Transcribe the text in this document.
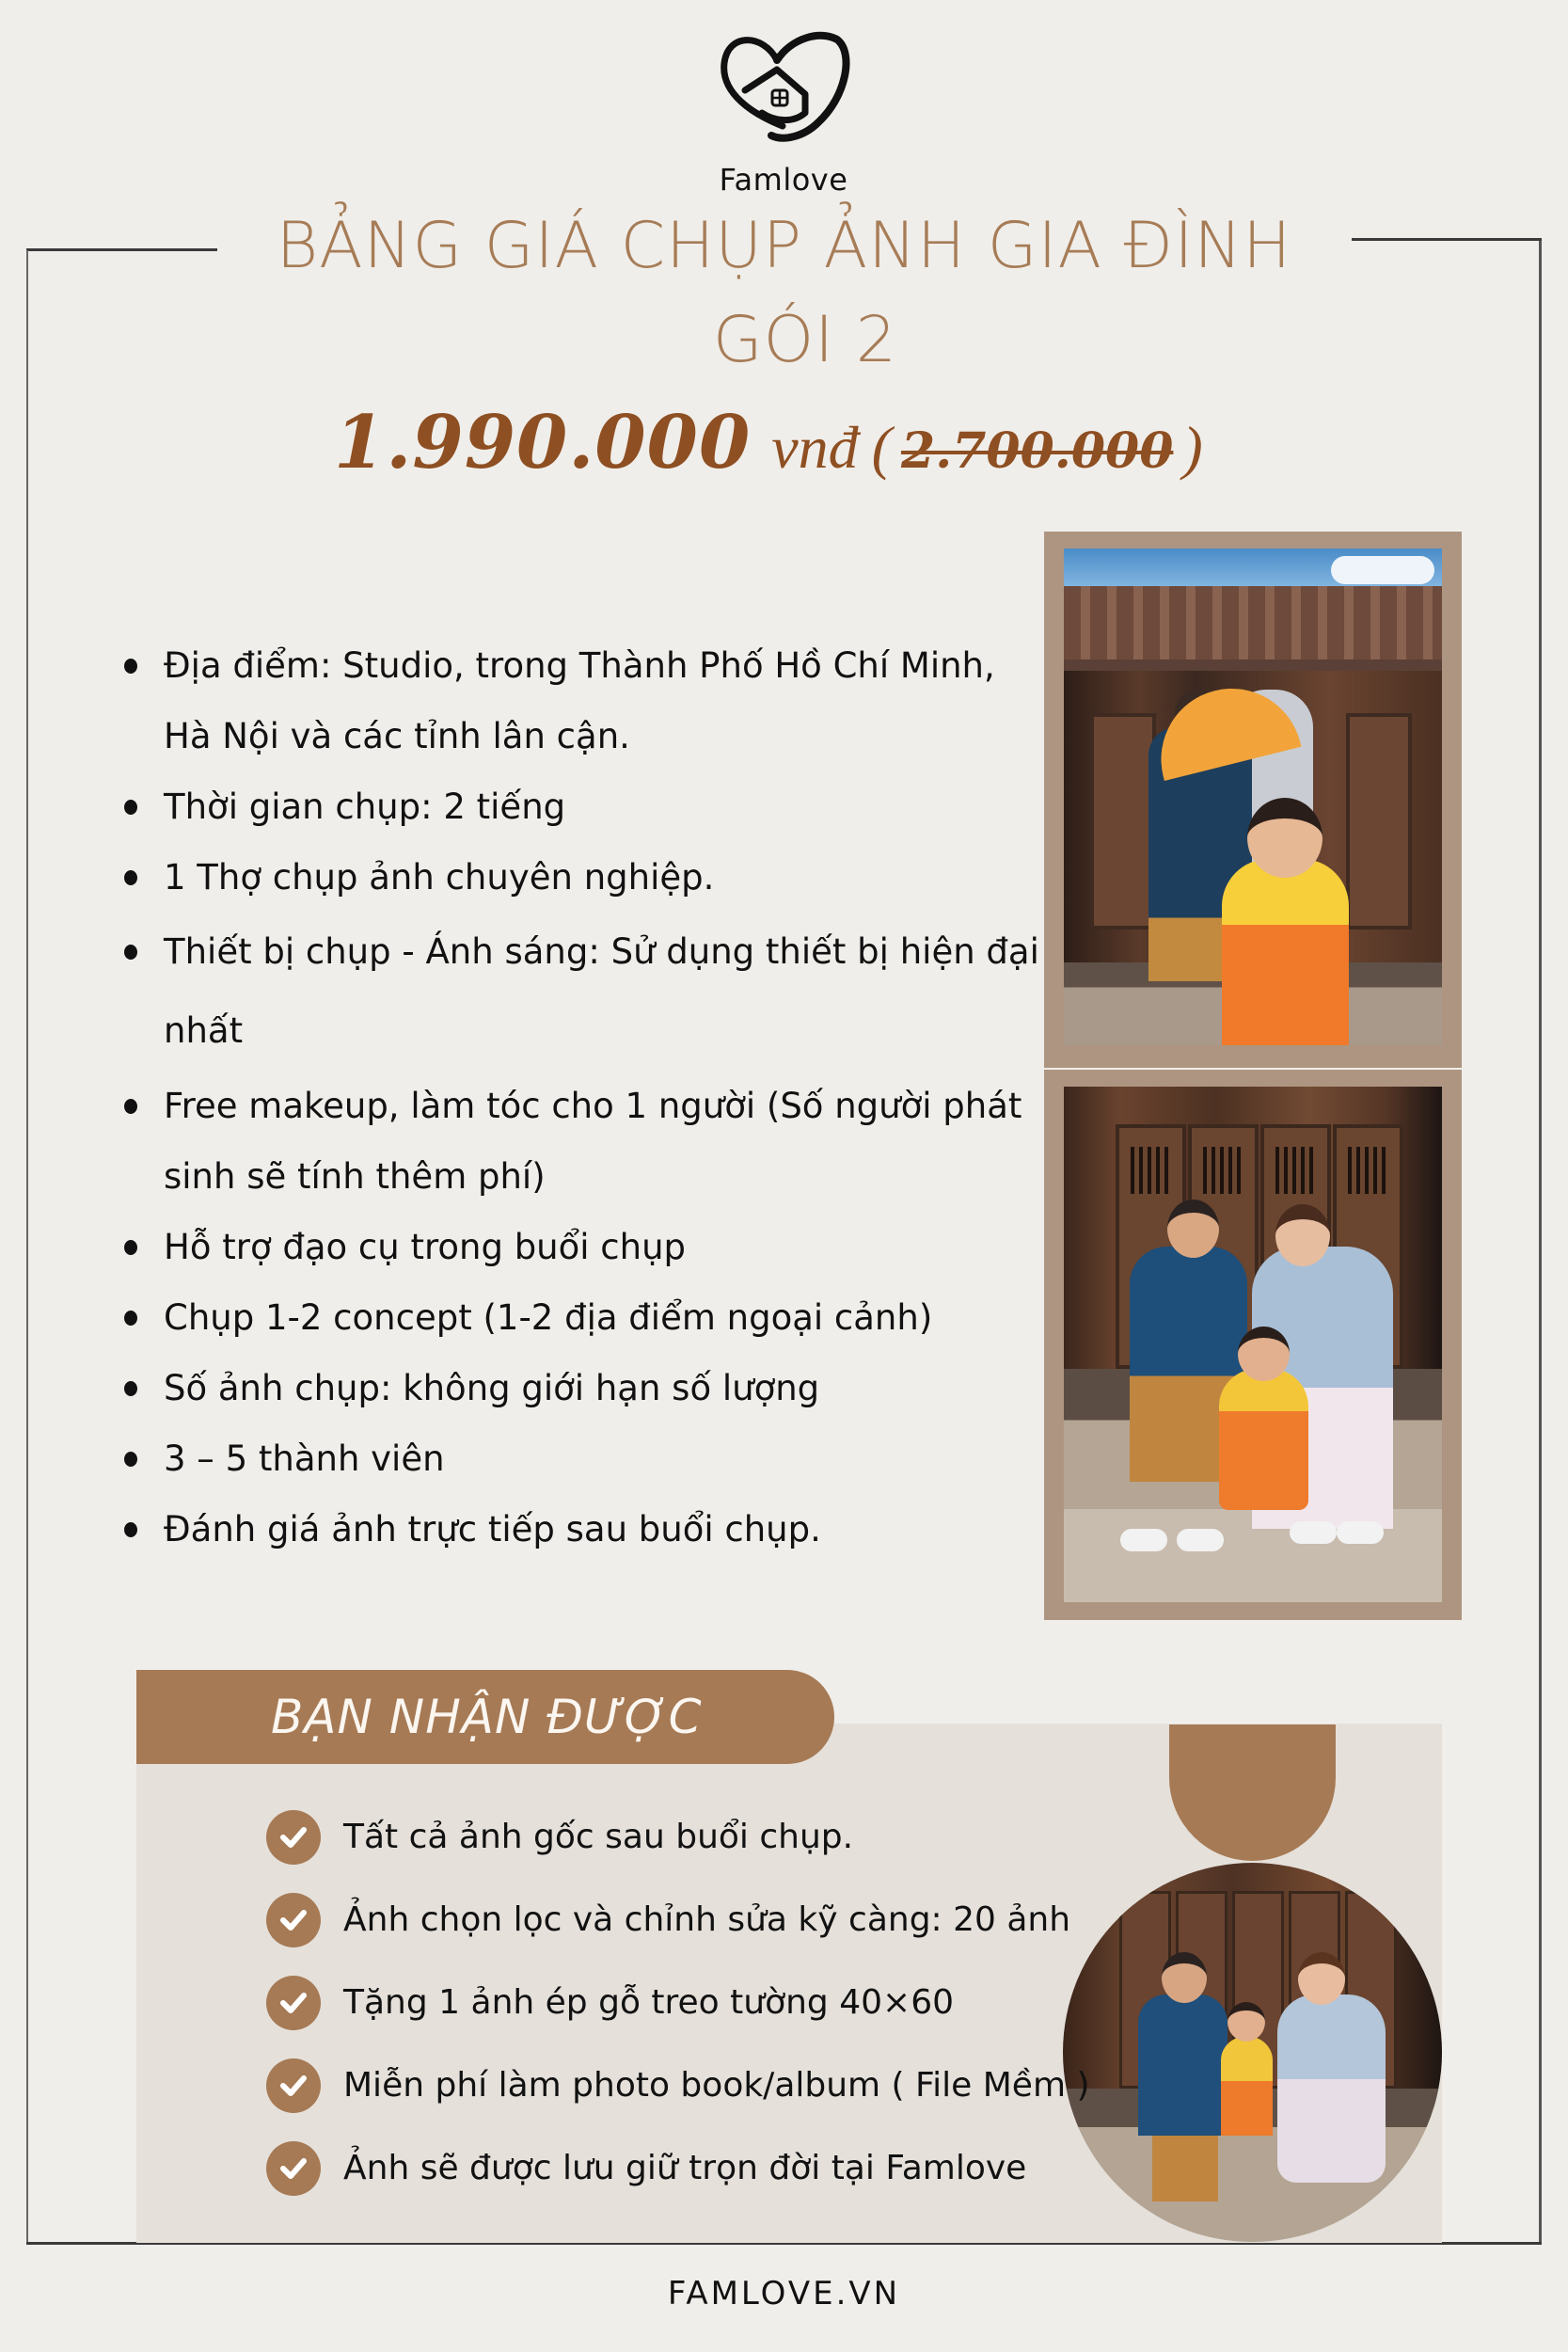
Famlove
BẢNG GIÁ CHỤP ẢNH GIA ĐÌNH
GÓI 2
1.990.000 vnđ ( 2.700.000 )
Địa điểm: Studio, trong Thành Phố Hồ Chí Minh, Hà Nội và các tỉnh lân cận.
Thời gian chụp: 2 tiếng
1 Thợ chụp ảnh chuyên nghiệp.
Thiết bị chụp - Ánh sáng: Sử dụng thiết bị hiện đại nhất
Free makeup, làm tóc cho 1 người (Số người phát sinh sẽ tính thêm phí)
Hỗ trợ đạo cụ trong buổi chụp
Chụp 1-2 concept (1-2 địa điểm ngoại cảnh)
Số ảnh chụp: không giới hạn số lượng
3 – 5 thành viên
Đánh giá ảnh trực tiếp sau buổi chụp.
BẠN NHẬN ĐƯỢC
Tất cả ảnh gốc sau buổi chụp.
Ảnh chọn lọc và chỉnh sửa kỹ càng: 20 ảnh
Tặng 1 ảnh ép gỗ treo tường 40×60
Miễn phí làm photo book/album ( File Mềm )
Ảnh sẽ được lưu giữ trọn đời tại Famlove
FAMLOVE.VN
